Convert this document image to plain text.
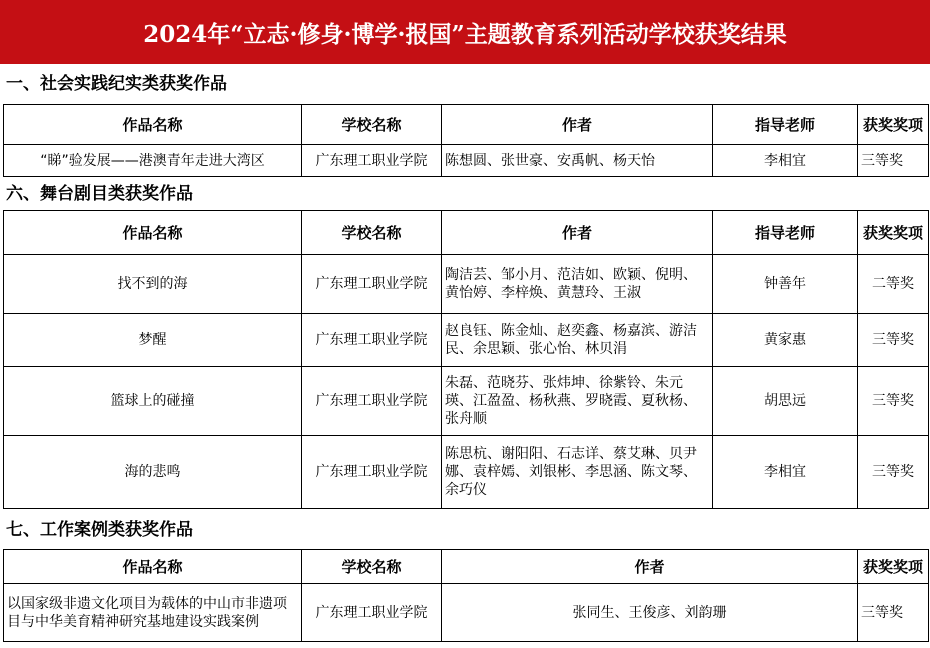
2024年“立志·修身·博学·报国”主题教育系列活动学校获奖结果
一、社会实践纪实类获奖作品
作品名称	学校名称	作者	指导老师	获奖奖项
“睇”验发展——港澳青年走进大湾区	广东理工职业学院	陈想圆、张世豪、安禹帆、杨天怡	李相宜	三等奖
六、舞台剧目类获奖作品
作品名称	学校名称	作者	指导老师	获奖奖项
找不到的海	广东理工职业学院	陶洁芸、邹小月、范洁如、欧颖、倪明、黄怡婷、李梓焕、黄慧玲、王淑	钟善年	二等奖
梦醒	广东理工职业学院	赵良钰、陈金灿、赵奕鑫、杨嘉滨、游洁民、余思颖、张心怡、林贝涓	黄家惠	三等奖
篮球上的碰撞	广东理工职业学院	朱磊、范晓芬、张炜坤、徐紫铃、朱元瑛、江盈盈、杨秋燕、罗晓霞、夏秋杨、张舟顺	胡思远	三等奖
海的悲鸣	广东理工职业学院	陈思杭、谢阳阳、石志详、蔡艾琳、贝尹娜、袁梓嫣、刘银彬、李思涵、陈文琴、余巧仪	李相宜	三等奖
七、工作案例类获奖作品
作品名称	学校名称	作者	获奖奖项
以国家级非遗文化项目为载体的中山市非遗项目与中华美育精神研究基地建设实践案例	广东理工职业学院	张同生、王俊彦、刘韵珊	三等奖
